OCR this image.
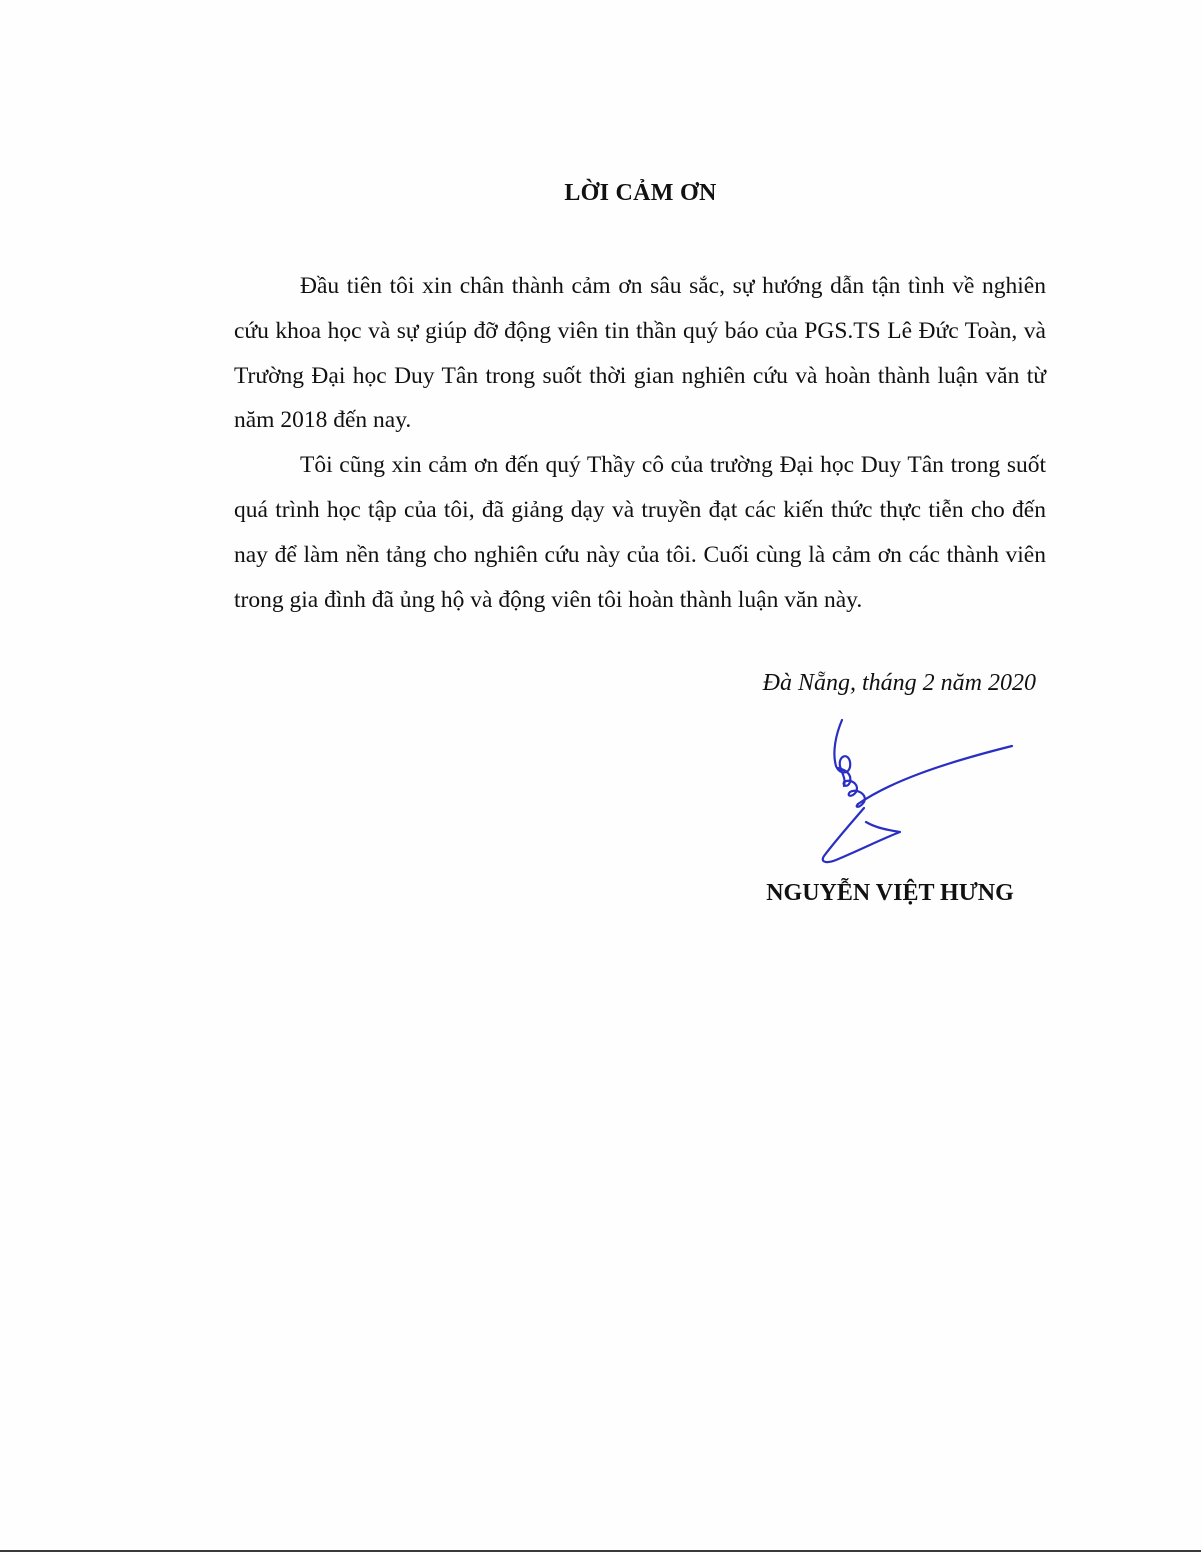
LỜI CẢM ƠN

Đầu tiên tôi xin chân thành cảm ơn sâu sắc, sự hướng dẫn tận tình về nghiên cứu khoa học và sự giúp đỡ động viên tin thần quý báo của PGS.TS Lê Đức Toàn, và Trường Đại học Duy Tân trong suốt thời gian nghiên cứu và hoàn thành luận văn từ năm 2018 đến nay.

Tôi cũng xin cảm ơn đến quý Thầy cô của trường Đại học Duy Tân trong suốt quá trình học tập của tôi, đã giảng dạy và truyền đạt các kiến thức thực tiễn cho đến nay để làm nền tảng cho nghiên cứu này của tôi. Cuối cùng là cảm ơn các thành viên trong gia đình đã ủng hộ và động viên tôi hoàn thành luận văn này.

Đà Nẵng, tháng 2 năm 2020
NGUYỄN VIỆT HƯNG
